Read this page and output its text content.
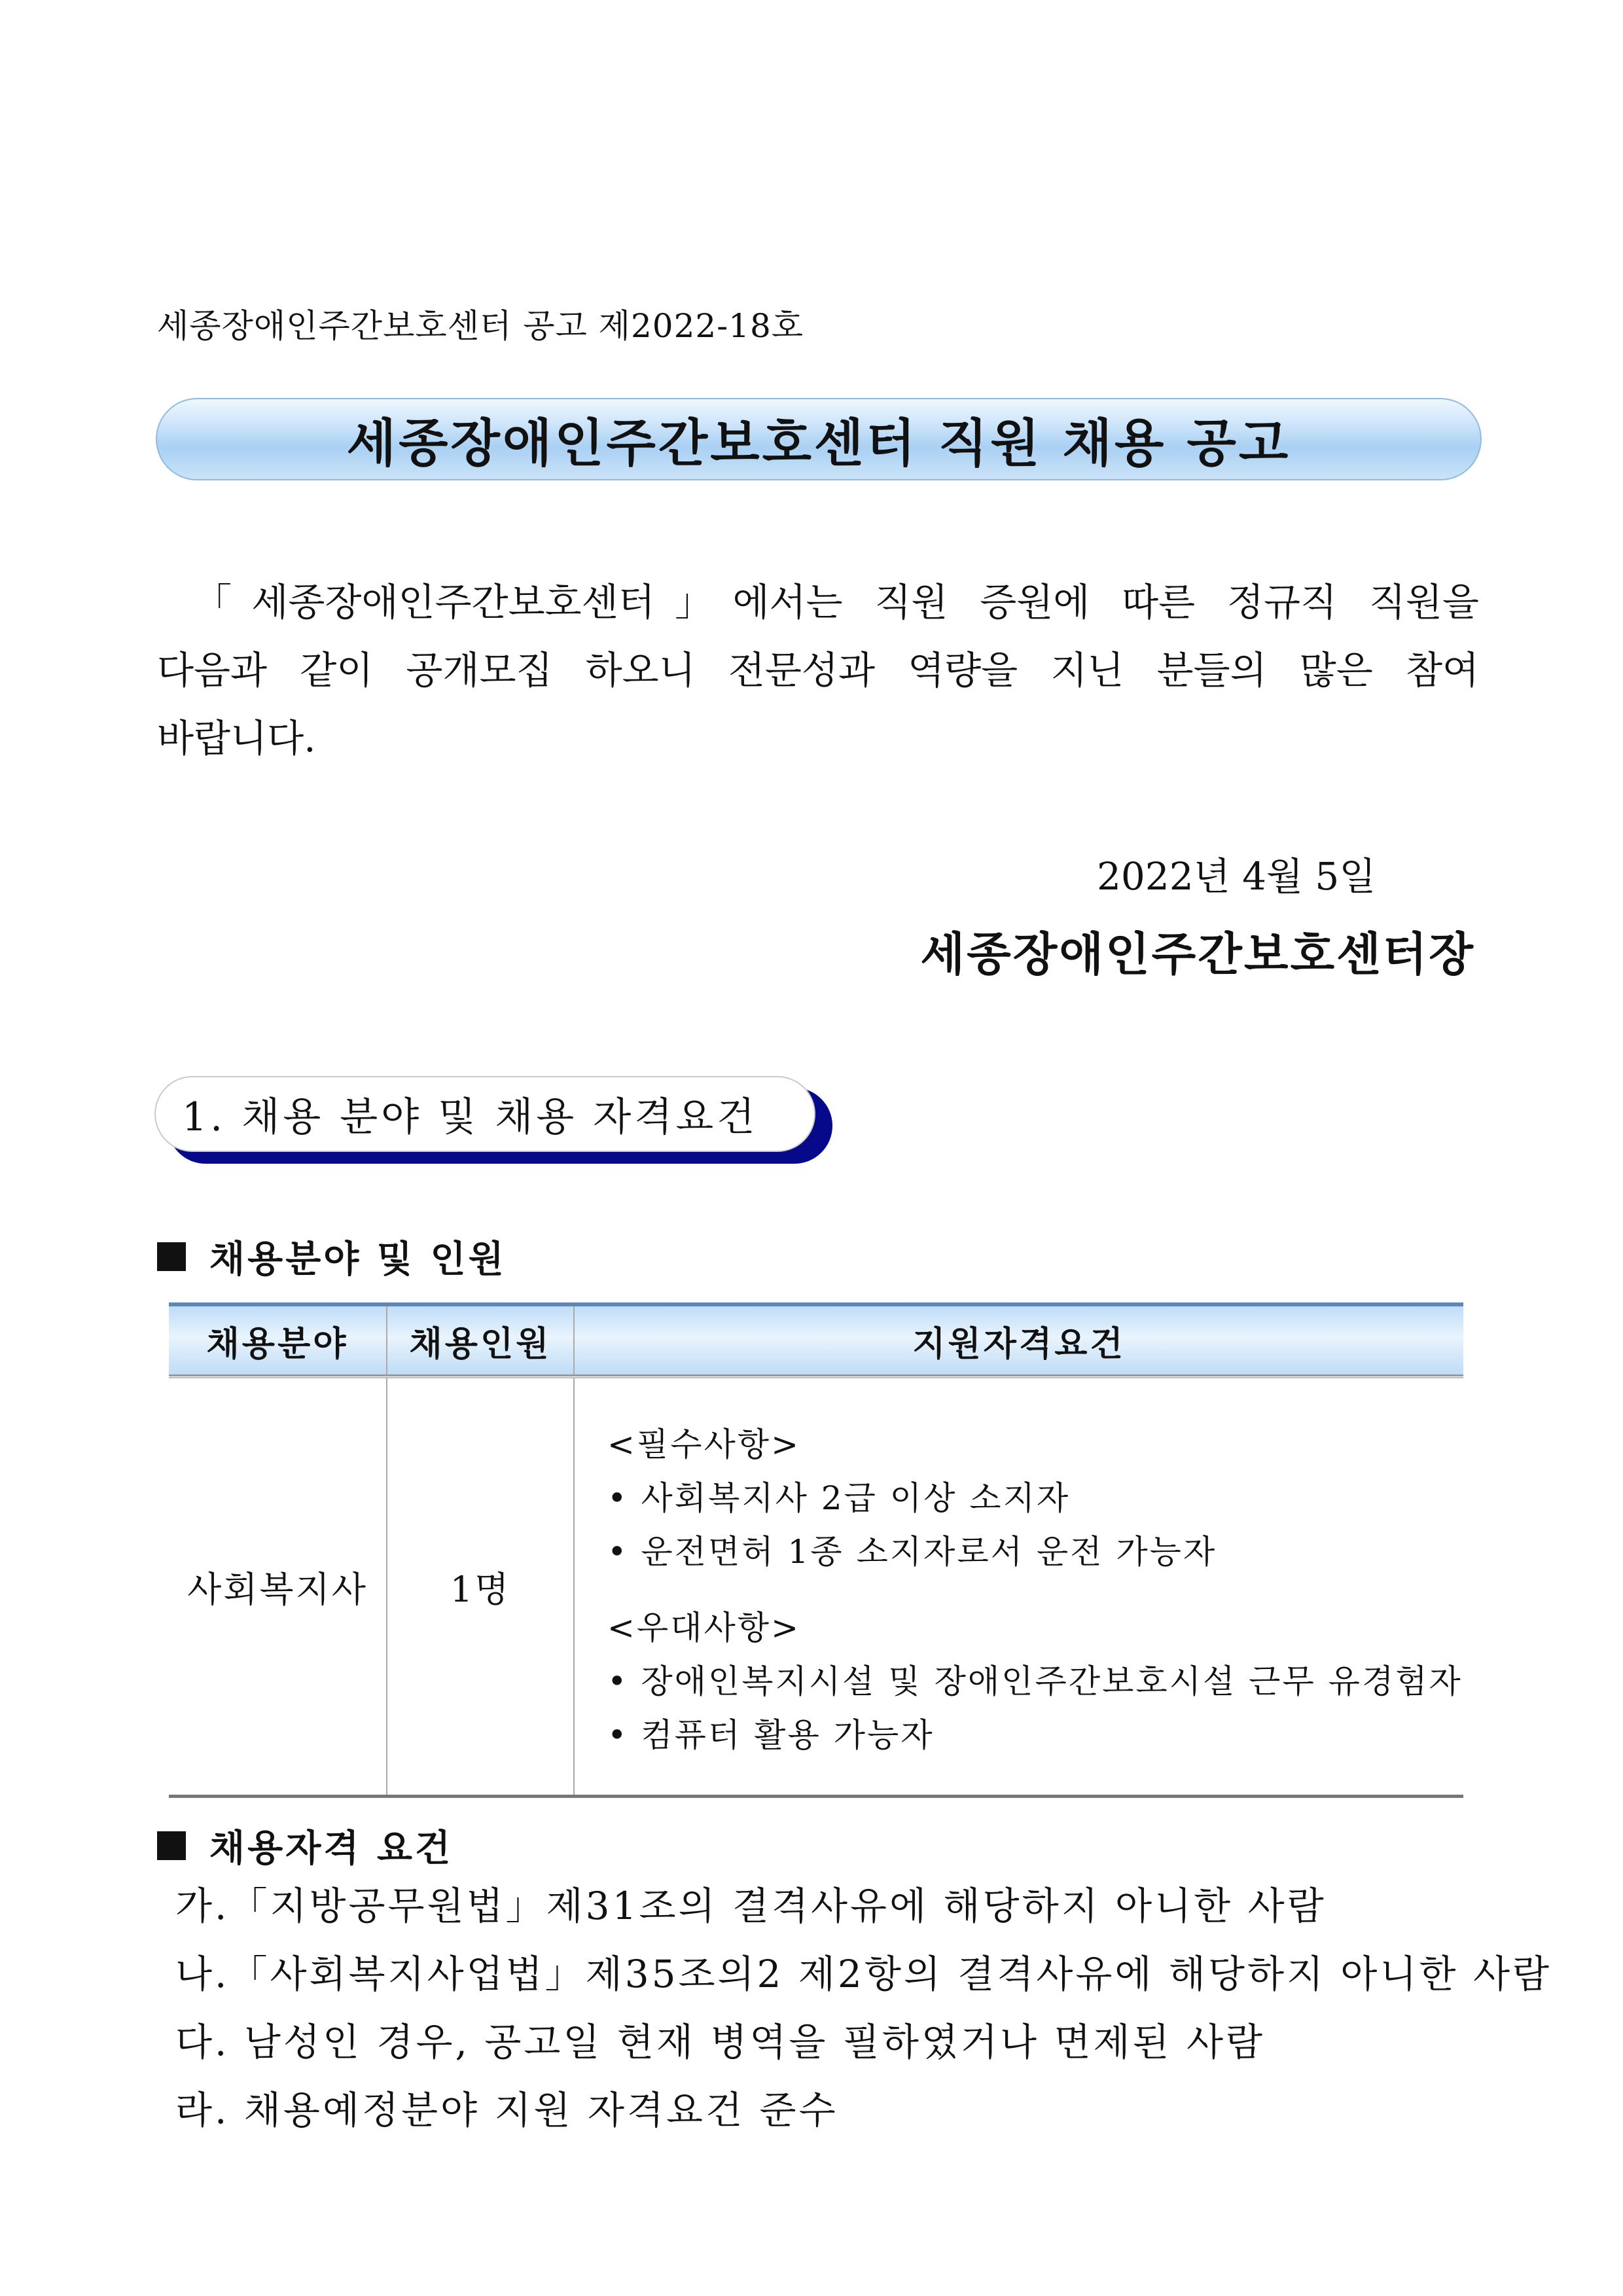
세종장애인주간보호센터 공고 제2022-18호
세종장애인주간보호센터 직원 채용 공고

「세종장애인주간보호센터」에서는 직원 증원에 따른 정규직 직원을

다음과 같이 공개모집 하오니 전문성과 역량을 지닌 분들의 많은 참여

바랍니다.

2022년 4월 5일
세종장애인주간보호센터장
1. 채용 분야 및 채용 자격요건
채용분야 및 인원
채용분야	채용인원	지원자격요건
사회복지사	1명
<필수사항>
• 사회복지사 2급 이상 소지자
• 운전면허 1종 소지자로서 운전 가능자
<우대사항>
• 장애인복지시설 및 장애인주간보호시설 근무 유경험자
• 컴퓨터 활용 가능자
채용자격 요건
가.「지방공무원법」제31조의 결격사유에 해당하지 아니한 사람
나.「사회복지사업법」제35조의2 제2항의 결격사유에 해당하지 아니한 사람
다. 남성인 경우, 공고일 현재 병역을 필하였거나 면제된 사람
라. 채용예정분야 지원 자격요건 준수
